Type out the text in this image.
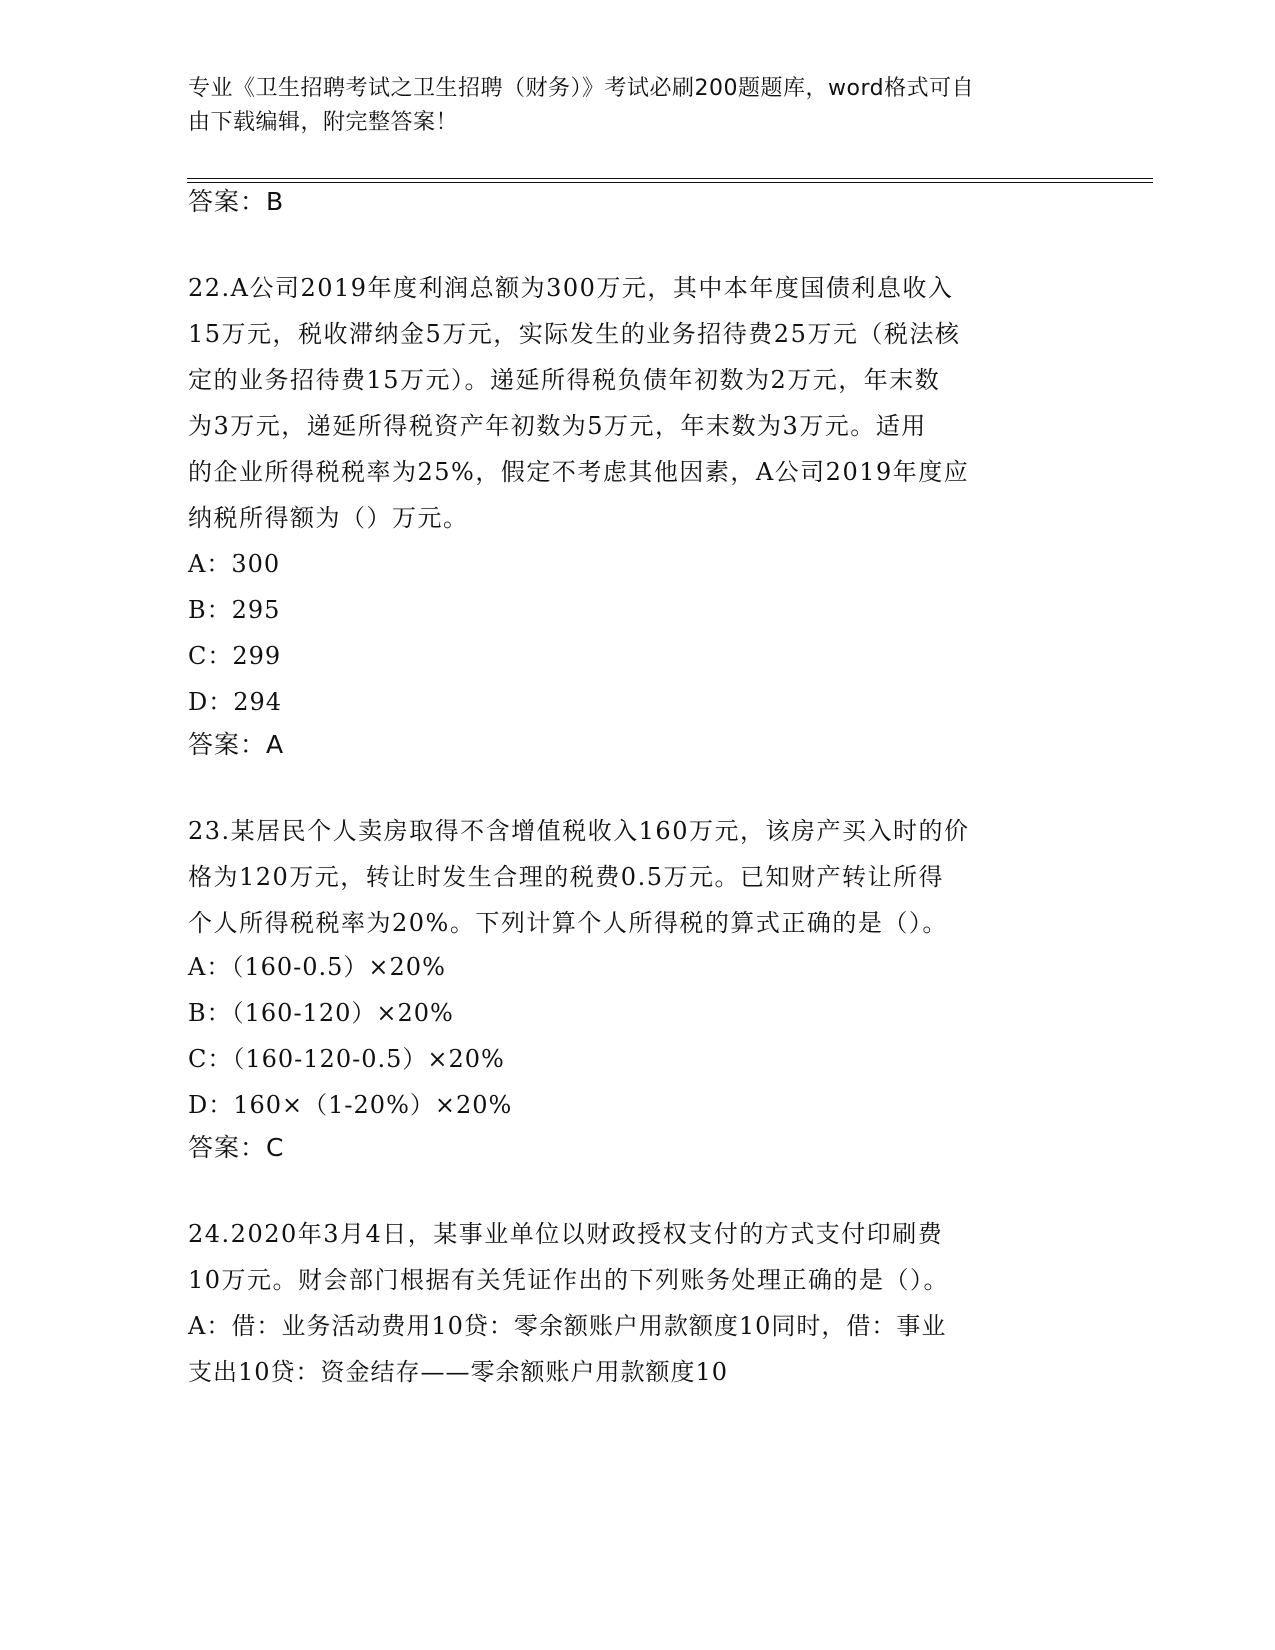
专业《卫生招聘考试之卫生招聘（财务）》考试必刷200题题库，word格式可自
由下载编辑，附完整答案！
答案：B
22.A公司2019年度利润总额为300万元，其中本年度国债利息收入
15万元，税收滞纳金5万元，实际发生的业务招待费25万元（税法核
定的业务招待费15万元）。递延所得税负债年初数为2万元，年末数
为3万元，递延所得税资产年初数为5万元，年末数为3万元。适用
的企业所得税税率为25%，假定不考虑其他因素，A公司2019年度应
纳税所得额为（）万元。
A：300
B：295
C：299
D：294
答案：A
23.某居民个人卖房取得不含增值税收入160万元，该房产买入时的价
格为120万元，转让时发生合理的税费0.5万元。已知财产转让所得
个人所得税税率为20%。下列计算个人所得税的算式正确的是（）。
A：（160-0.5）×20%
B：（160-120）×20%
C：（160-120-0.5）×20%
D：160×（1-20%）×20%
答案：C
24.2020年3月4日，某事业单位以财政授权支付的方式支付印刷费
10万元。财会部门根据有关凭证作出的下列账务处理正确的是（）。
A：借：业务活动费用10贷：零余额账户用款额度10同时，借：事业
支出10贷：资金结存——零余额账户用款额度10
